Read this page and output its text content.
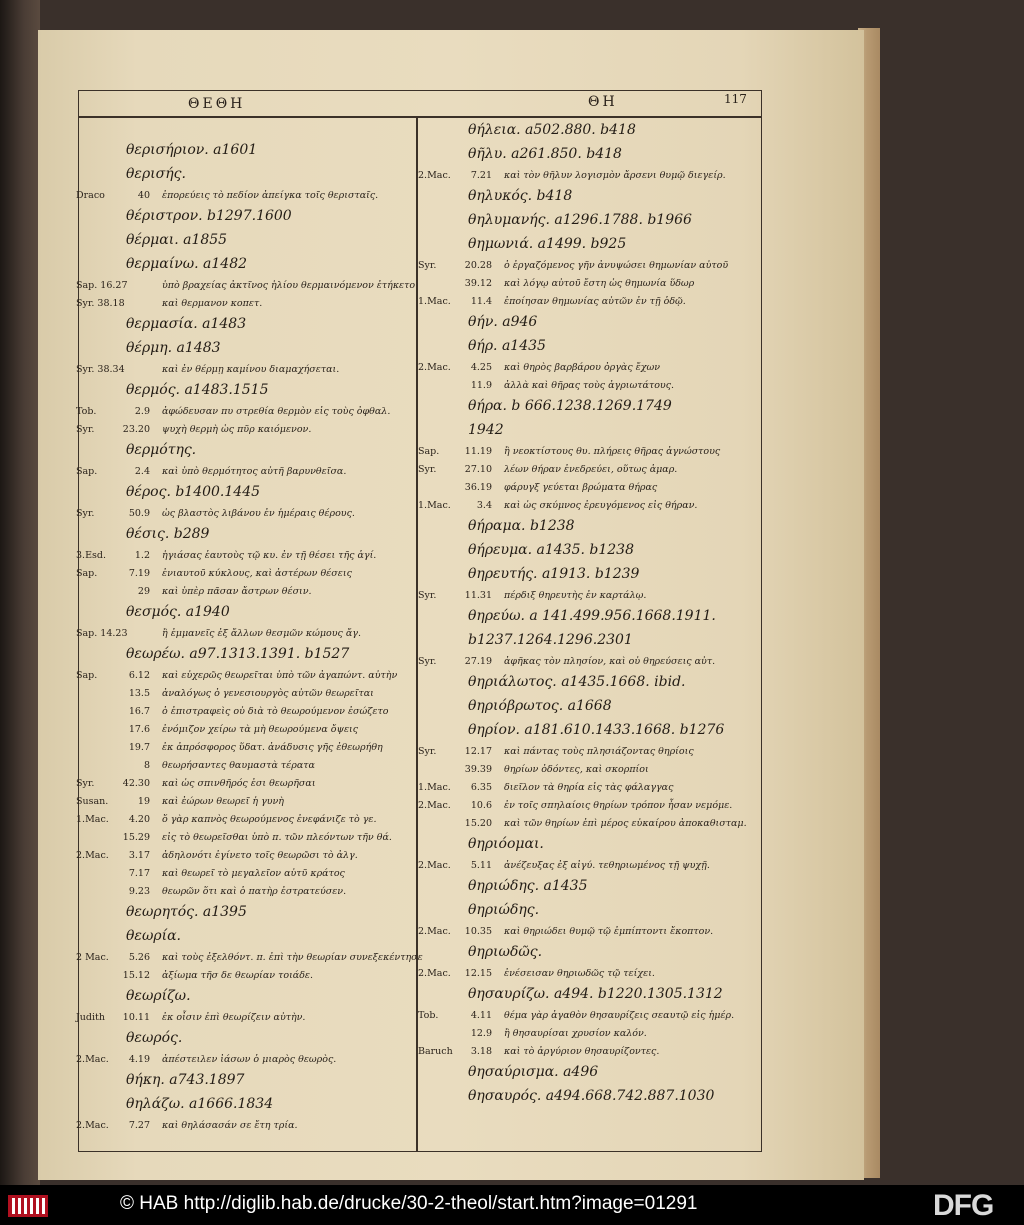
ΘΕΘΗ	ΘΗ	117
θερισήριον. a1601
θερισής.
Draco	40 ἐπορεύεις τὸ πεδίον ἀπείγκα τοῖς θερισταῖς.
θέριστρον. b1297.1600
θέρμαι. a1855
θερμαίνω. a1482
Sap. 16.27	ὑπὸ βραχείας ἀκτῖνος ἡλίου θερμαινόμενον ἐτήκετο
Syr. 38.18	καὶ θερμανον κοπετ.
θερμασία. a1483
θέρμη. a1483
Syr. 38.34	καὶ ἐν θέρμῃ καμίνου διαμαχήσεται.
θερμός. a1483.1515
Tob.	2.9 ἀφώδευσαν πυ στρεθία θερμὸν εἰς τοὺς ὀφθαλ.
Syr.	23.20 ψυχὴ θερμὴ ὡς πῦρ καιόμενον.
θερμότης.
Sap.	2.4 καὶ ὑπὸ θερμότητος αὐτῆ βαρυνθεῖσα.
θέρος. b1400.1445
Syr.	50.9 ὡς βλαστὸς λιβάνου ἐν ἡμέραις θέρους.
θέσις. b289
3.Esd.	1.2 ἡγιάσας ἑαυτοὺς τῷ κυ. ἐν τῇ θέσει τῆς ἁγί.
Sap.	7.19 ἐνιαυτοῦ κύκλους, καὶ ἀστέρων θέσεις
29 καὶ ὑπὲρ πᾶσαν ἄστρων θέσιν.
θεσμός. a1940
Sap. 14.23	ἢ ἐμμανεῖς ἐξ ἄλλων θεσμῶν κώμους ἄγ.
θεωρέω. a97.1313.1391. b1527
Sap.	6.12 καὶ εὐχερῶς θεωρεῖται ὑπὸ τῶν ἀγαπώντ. αὐτὴν
13.5 ἀναλόγως ὁ γενεσιουργὸς αὐτῶν θεωρεῖται
16.7 ὁ ἐπιστραφεὶς οὐ διὰ τὸ θεωρούμενον ἐσώζετο
17.6 ἐνόμιζον χείρω τὰ μὴ θεωρούμενα ὄψεις
19.7 ἐκ ἀπρόσφορος ὕδατ. ἀνάδυσις γῆς ἐθεωρήθη
8 θεωρήσαντες θαυμαστὰ τέρατα
Syr.	42.30 καὶ ὡς σπινθῆρός ἐσι θεωρῆσαι
Susan.	19 καὶ ἑώρων θεωρεῖ ἡ γυνὴ
1.Mac.	4.20 ὅ γὰρ καπνὸς θεωρούμενος ἐνεφάνιζε τὸ γε.
15.29 εἰς τὸ θεωρεῖσθαι ὑπὸ π. τῶν πλεόντων τῆν θά.
2.Mac.	3.17 ἀδηλονότι ἐγίνετο τοῖς θεωρῶσι τὸ ἀλγ.
7.17 καὶ θεωρεῖ τὸ μεγαλεῖον αὐτῦ κράτος
9.23 θεωρῶν ὅτι καὶ ὁ πατὴρ ἐστρατεύσεν.
θεωρητός. a1395
θεωρία.
2 Mac.	5.26 καὶ τοὺς ἐξελθόντ. π. ἐπὶ τὴν θεωρίαν συνεξεκέντησε
15.12 ἀξίωμα τῆσ δε θεωρίαν τοιάδε.
θεωρίζω.
Judith	10.11 ἐκ οἶσιν ἐπὶ θεωρίζειν αὐτὴν.
θεωρός.
2.Mac.	4.19 ἀπέστειλεν ἰάσων ὁ μιαρὸς θεωρὸς.
θήκη. a743.1897
θηλάζω. a1666.1834
2.Mac.	7.27 καὶ θηλάσασάν σε ἔτη τρία.
θήλεια. a502.880. b418
θῆλυ. a261.850. b418
2.Mac.	7.21 καὶ τὸν θῆλυν λογισμὸν ἄρσενι θυμῷ διεγείρ.
θηλυκός. b418
θηλυμανής. a1296.1788. b1966
θημωνιά. a1499. b925
Syr.	20.28 ὁ ἐργαζόμενος γῆν ἀνυψώσει θημωνίαν αὐτοῦ
39.12 καὶ λόγῳ αὐτοῦ ἔστη ὡς θημωνία ὕδωρ
1.Mac.	11.4 ἐποίησαν θημωνίας αὐτῶν ἐν τῇ ὁδῷ.
θήν. a946
θήρ. a1435
2.Mac.	4.25 καὶ θηρὸς βαρβάρου ὀργὰς ἔχων
11.9 ἀλλὰ καὶ θῆρας τοὺς ἀγριωτάτους.
θήρα. b 666.1238.1269.1749
1942
Sap.	11.19 ἢ νεοκτίστους θυ. πλήρεις θῆρας ἀγνώστους
Syr.	27.10 λέων θήραν ἐνεδρεύει, οὕτως ἁμαρ.
36.19 φάρυγξ γεύεται βρώματα θήρας
1.Mac.	3.4 καὶ ὡς σκύμνος ἐρευγόμενος εἰς θήραν.
θήραμα. b1238
θήρευμα. a1435. b1238
θηρευτής. a1913. b1239
Syr.	11.31 πέρδιξ θηρευτὴς ἐν καρτάλῳ.
θηρεύω. a 141.499.956.1668.1911.
b1237.1264.1296.2301
Syr.	27.19 ἀφῆκας τὸν πλησίον, καὶ οὐ θηρεύσεις αὐτ.
θηριάλωτος. a1435.1668. ibid.
θηριόβρωτος. a1668
θηρίον. a181.610.1433.1668. b1276
Syr.	12.17 καὶ πάντας τοὺς πλησιάζοντας θηρίοις
39.39 θηρίων ὀδόντες, καὶ σκορπίοι
1.Mac.	6.35 διεῖλον τὰ θηρία εἰς τὰς φάλαγγας
2.Mac.	10.6 ἐν τοῖς σπηλαίοις θηρίων τρόπον ἦσαν νεμόμε.
15.20 καὶ τῶν θηρίων ἐπὶ μέρος εὐκαίρου ἀποκαθισταμ.
θηριόομαι.
2.Mac.	5.11 ἀνέζευξας ἐξ αἰγύ. τεθηριωμένος τῇ ψυχῇ.
θηριώδης. a1435
θηριώδης.
2.Mac.	10.35 καὶ θηριώδει θυμῷ τῷ ἐμπίπτοντι ἔκοπτον.
θηριωδῶς.
2.Mac.	12.15 ἐνέσεισαν θηριωδῶς τῷ τείχει.
θησαυρίζω. a494. b1220.1305.1312
Tob.	4.11 θέμα γὰρ ἀγαθὸν θησαυρίζεις σεαυτῷ εἰς ἡμέρ.
12.9 ἢ θησαυρίσαι χρυσίον καλόν.
Baruch	3.18 καὶ τὸ ἀργύριον θησαυρίζοντες.
θησαύρισμα. a496
θησαυρός. a494.668.742.887.1030
© HAB http://diglib.hab.de/drucke/30-2-theol/start.htm?image=01291	DFG
